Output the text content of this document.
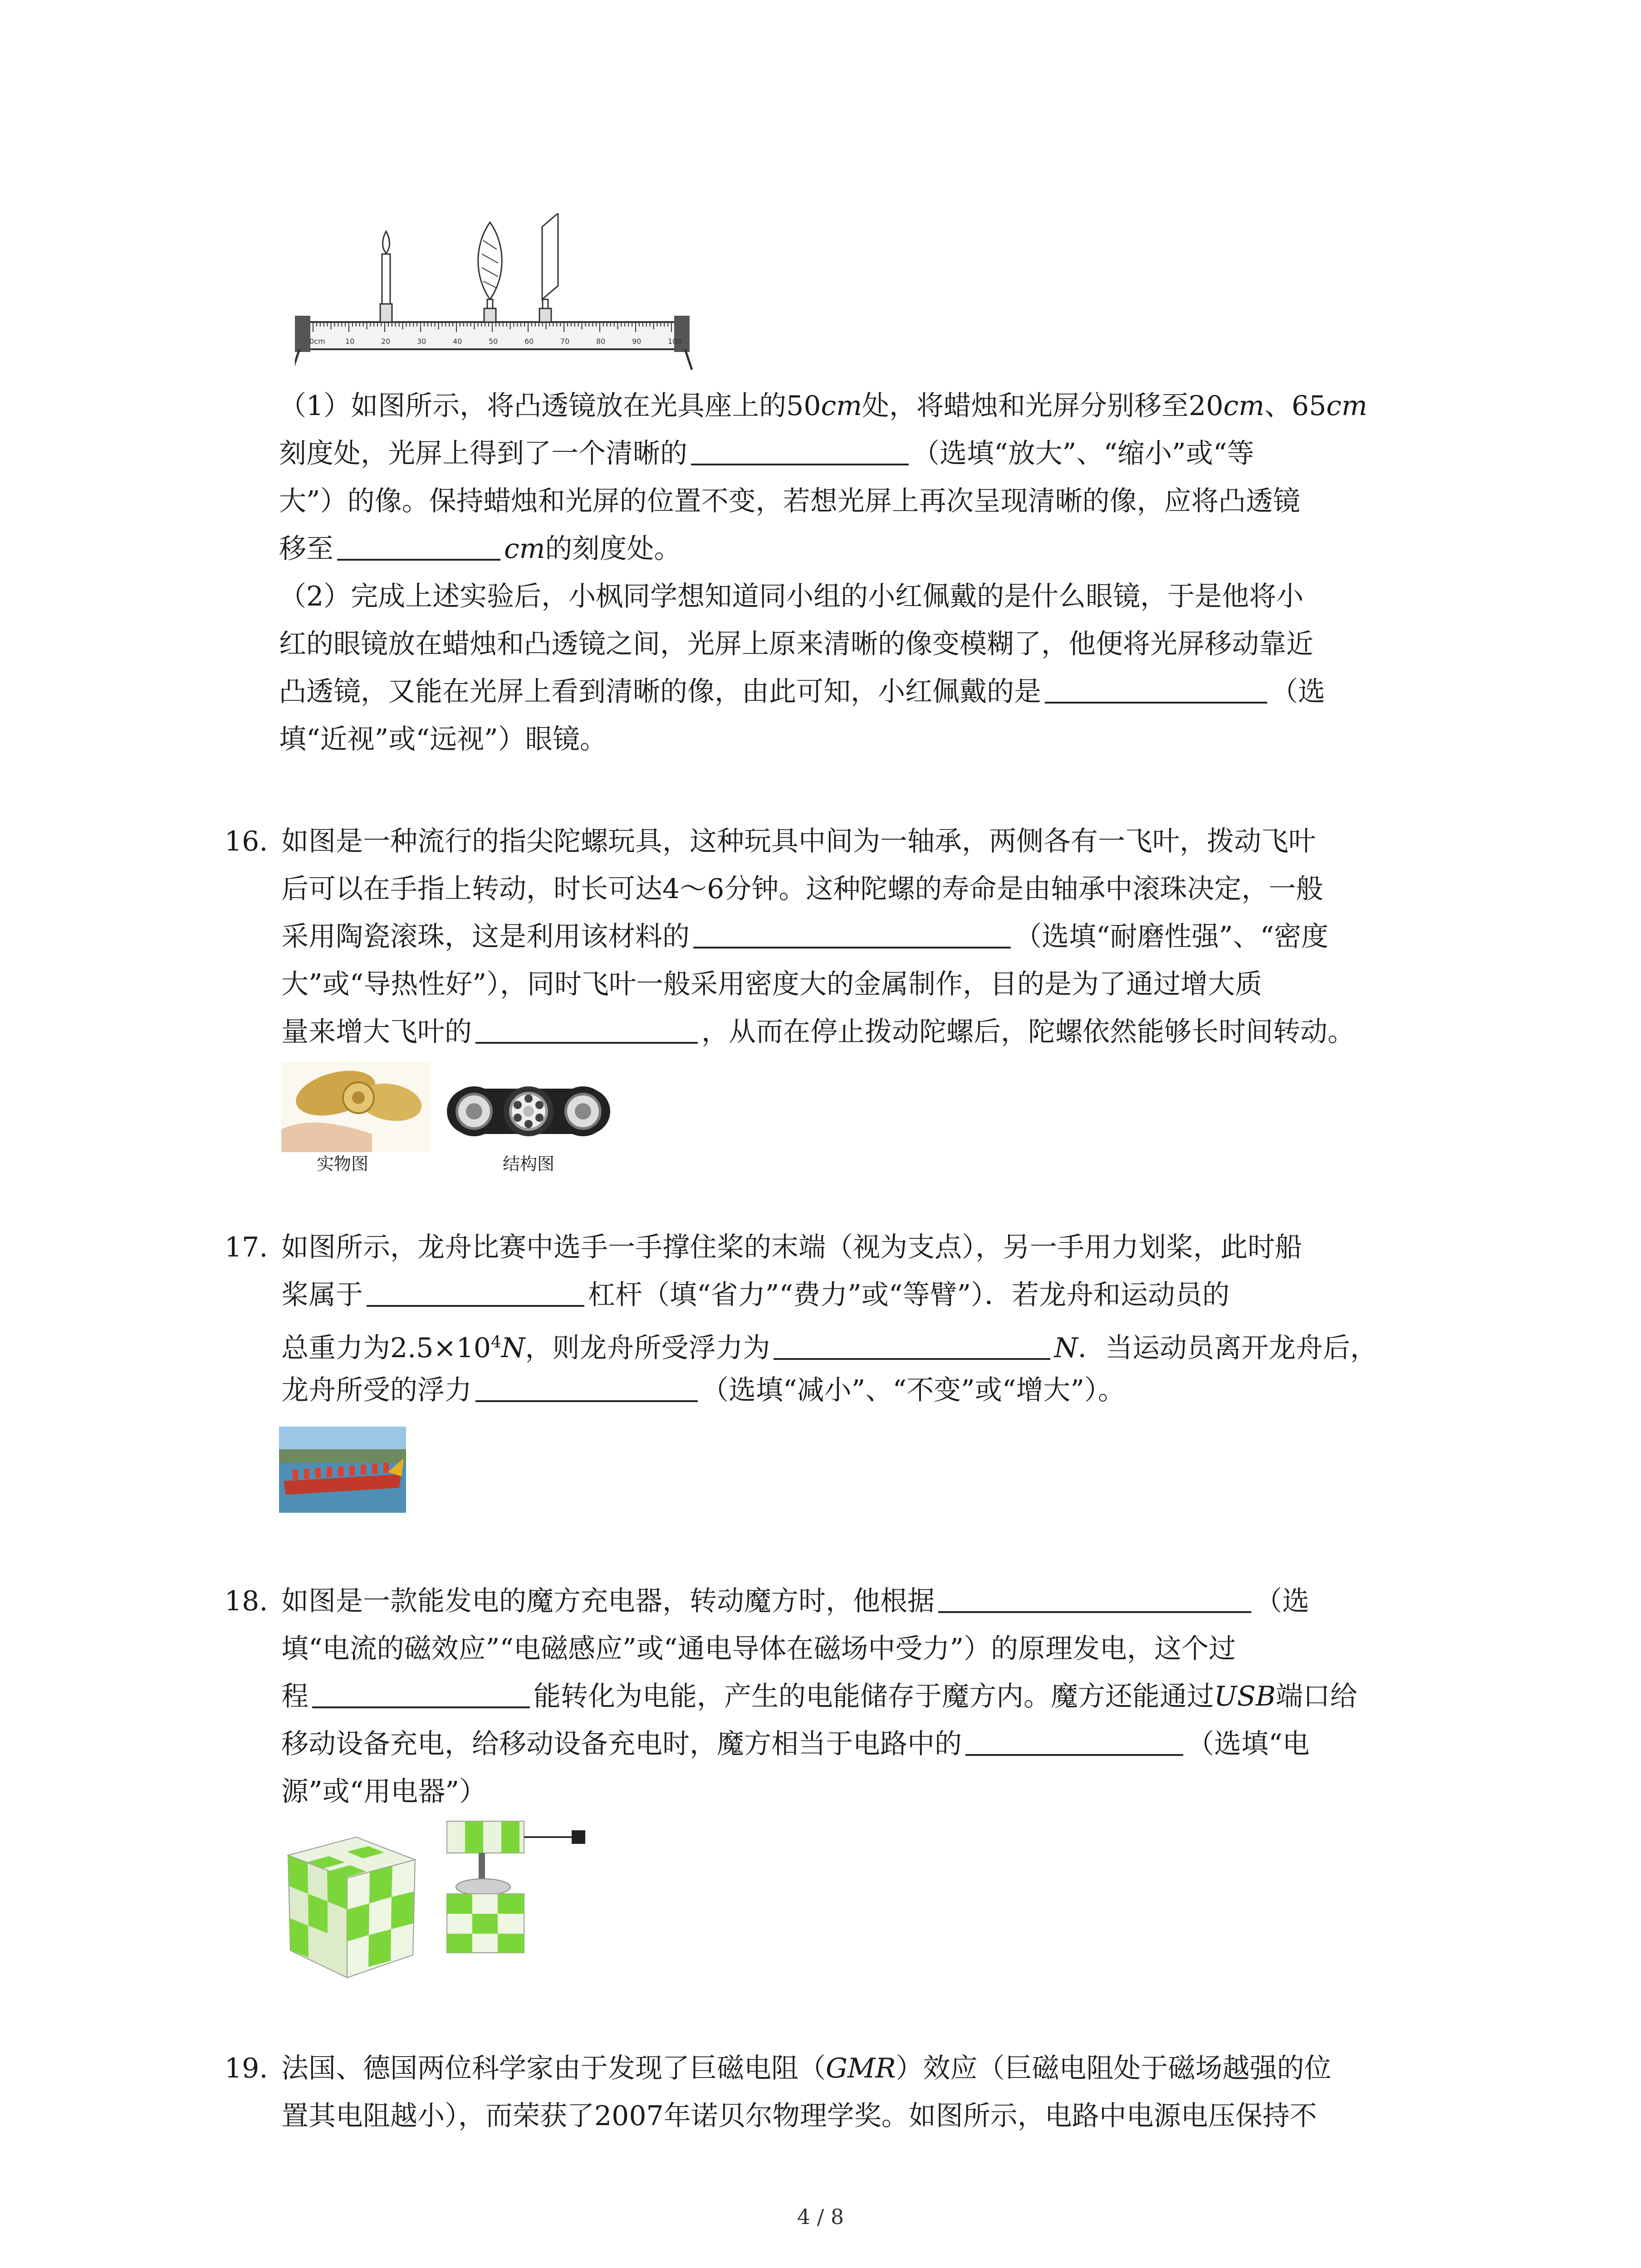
0cm	10	20	30	40	50	60	70	80	90	100
（1）如图所示，将凸透镜放在光具座上的50cm处，将蜡烛和光屏分别移至20cm、65cm
刻度处，光屏上得到了一个清晰的	（选填“放大”、“缩小”或“等
大”）的像。保持蜡烛和光屏的位置不变，若想光屏上再次呈现清晰的像，应将凸透镜
移至	cm的刻度处。
（2）完成上述实验后，小枫同学想知道同小组的小红佩戴的是什么眼镜，于是他将小
红的眼镜放在蜡烛和凸透镜之间，光屏上原来清晰的像变模糊了，他便将光屏移动靠近
凸透镜，又能在光屏上看到清晰的像，由此可知，小红佩戴的是	（选
填“近视”或“远视”）眼镜。
16. 如图是一种流行的指尖陀螺玩具，这种玩具中间为一轴承，两侧各有一飞叶，拨动飞叶
后可以在手指上转动，时长可达4～6分钟。这种陀螺的寿命是由轴承中滚珠决定，一般
采用陶瓷滚珠，这是利用该材料的	（选填“耐磨性强”、“密度
大”或“导热性好”），同时飞叶一般采用密度大的金属制作，目的是为了通过增大质
量来增大飞叶的	，从而在停止拨动陀螺后，陀螺依然能够长时间转动。
实物图	结构图
17. 如图所示，龙舟比赛中选手一手撑住桨的末端（视为支点），另一手用力划桨，此时船
桨属于	杠杆（填“省力”“费力”或“等臂”）．若龙舟和运动员的
总重力为$2.5\times 10^4N$，则龙舟所受浮力为	N．当运动员离开龙舟后，
龙舟所受的浮力	（选填“减小”、“不变”或“增大”）。
18. 如图是一款能发电的魔方充电器，转动魔方时，他根据	（选
填“电流的磁效应”“电磁感应”或“通电导体在磁场中受力”）的原理发电，这个过
程	能转化为电能，产生的电能储存于魔方内。魔方还能通过USB端口给
移动设备充电，给移动设备充电时，魔方相当于电路中的	（选填“电
源”或“用电器”）
19. 法国、德国两位科学家由于发现了巨磁电阻（GMR）效应（巨磁电阻处于磁场越强的位
置其电阻越小），而荣获了2007年诺贝尔物理学奖。如图所示，电路中电源电压保持不
4 / 8
